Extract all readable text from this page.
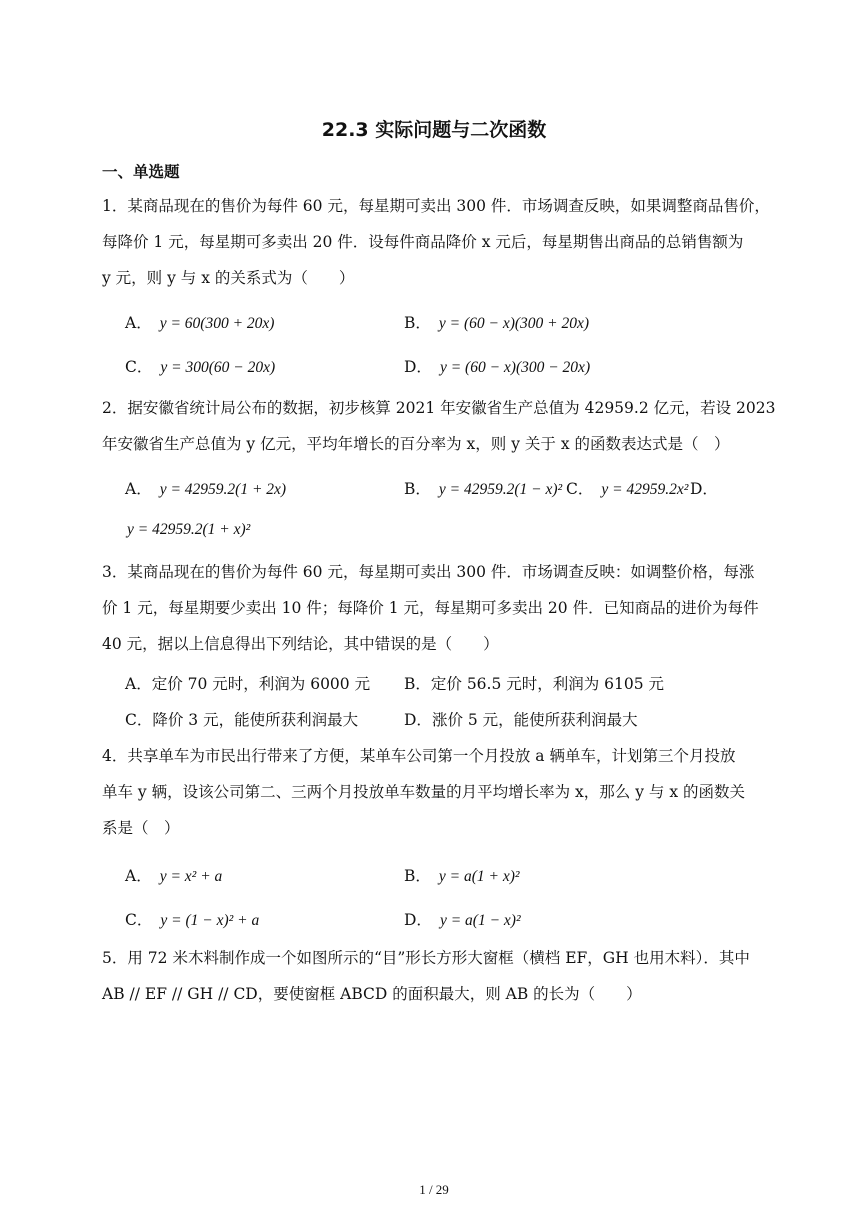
22.3 实际问题与二次函数
一、单选题
1．某商品现在的售价为每件 60 元，每星期可卖出 300 件．市场调查反映，如果调整商品售价，
每降价 1 元，每星期可多卖出 20 件．设每件商品降价 x 元后，每星期售出商品的总销售额为
y 元，则 y 与 x 的关系式为（　　）
A． y = 60(300 + 20x)	B． y = (60 − x)(300 + 20x)
C． y = 300(60 − 20x)	D． y = (60 − x)(300 − 20x)
2．据安徽省统计局公布的数据，初步核算 2021 年安徽省生产总值为 42959.2 亿元，若设 2023
年安徽省生产总值为 y 亿元，平均年增长的百分率为 x，则 y 关于 x 的函数表达式是（　）
A． y = 42959.2(1 + 2x)	B． y = 42959.2(1 − x)² C． y = 42959.2x² D．
y = 42959.2(1 + x)²
3．某商品现在的售价为每件 60 元，每星期可卖出 300 件．市场调查反映：如调整价格，每涨
价 1 元，每星期要少卖出 10 件；每降价 1 元，每星期可多卖出 20 件．已知商品的进价为每件
40 元，据以上信息得出下列结论，其中错误的是（　　）
A．定价 70 元时，利润为 6000 元 B．定价 56.5 元时，利润为 6105 元
C．降价 3 元，能使所获利润最大	D．涨价 5 元，能使所获利润最大
4．共享单车为市民出行带来了方便，某单车公司第一个月投放 a 辆单车，计划第三个月投放
单车 y 辆，设该公司第二、三两个月投放单车数量的月平均增长率为 x，那么 y 与 x 的函数关
系是（　）
A． y = x² + a	B． y = a(1 + x)²
C． y = (1 − x)² + a	D． y = a(1 − x)²
5．用 72 米木料制作成一个如图所示的“目”形长方形大窗框（横档 EF，GH 也用木料）．其中
AB // EF // GH // CD，要使窗框 ABCD 的面积最大，则 AB 的长为（　　）
1 / 29
